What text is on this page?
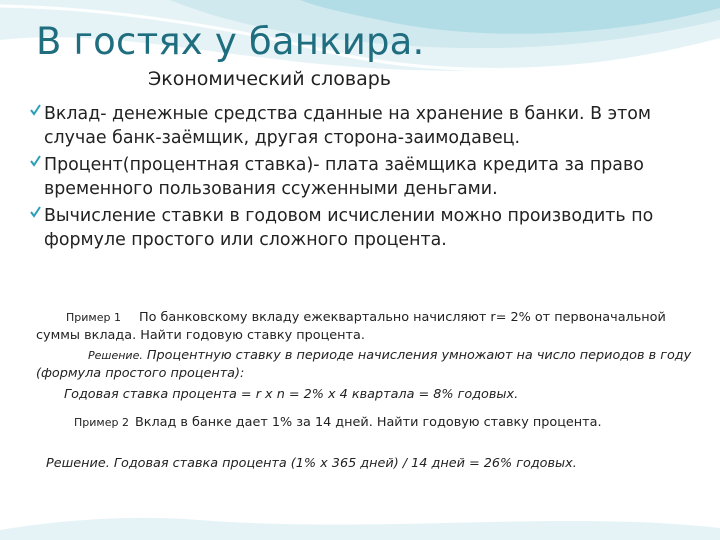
В гостях у банкира.
Экономический словарь
Вклад- денежные средства сданные на хранение в банки. В этом случае банк-заёмщик, другая сторона-заимодавец.
Процент(процентная ставка)- плата заёмщика кредита за право временного пользования ссуженными деньгами.
Вычисление ставки в годовом исчислении можно производить по формуле простого или сложного процента.
Пример 1 По банковскому вкладу ежеквартально начисляют r= 2% от первоначальной суммы вклада. Найти годовую ставку процента.
Решение. Процентную ставку в периоде начисления умножают на число периодов в году (формула простого процента):
Годовая ставка процента = r x n = 2% x 4 квартала = 8% годовых.
Пример 2 Вклад в банке дает 1% за 14 дней. Найти годовую ставку процента.
Решение. Годовая ставка процента (1% х 365 дней) / 14 дней = 26% годовых.
